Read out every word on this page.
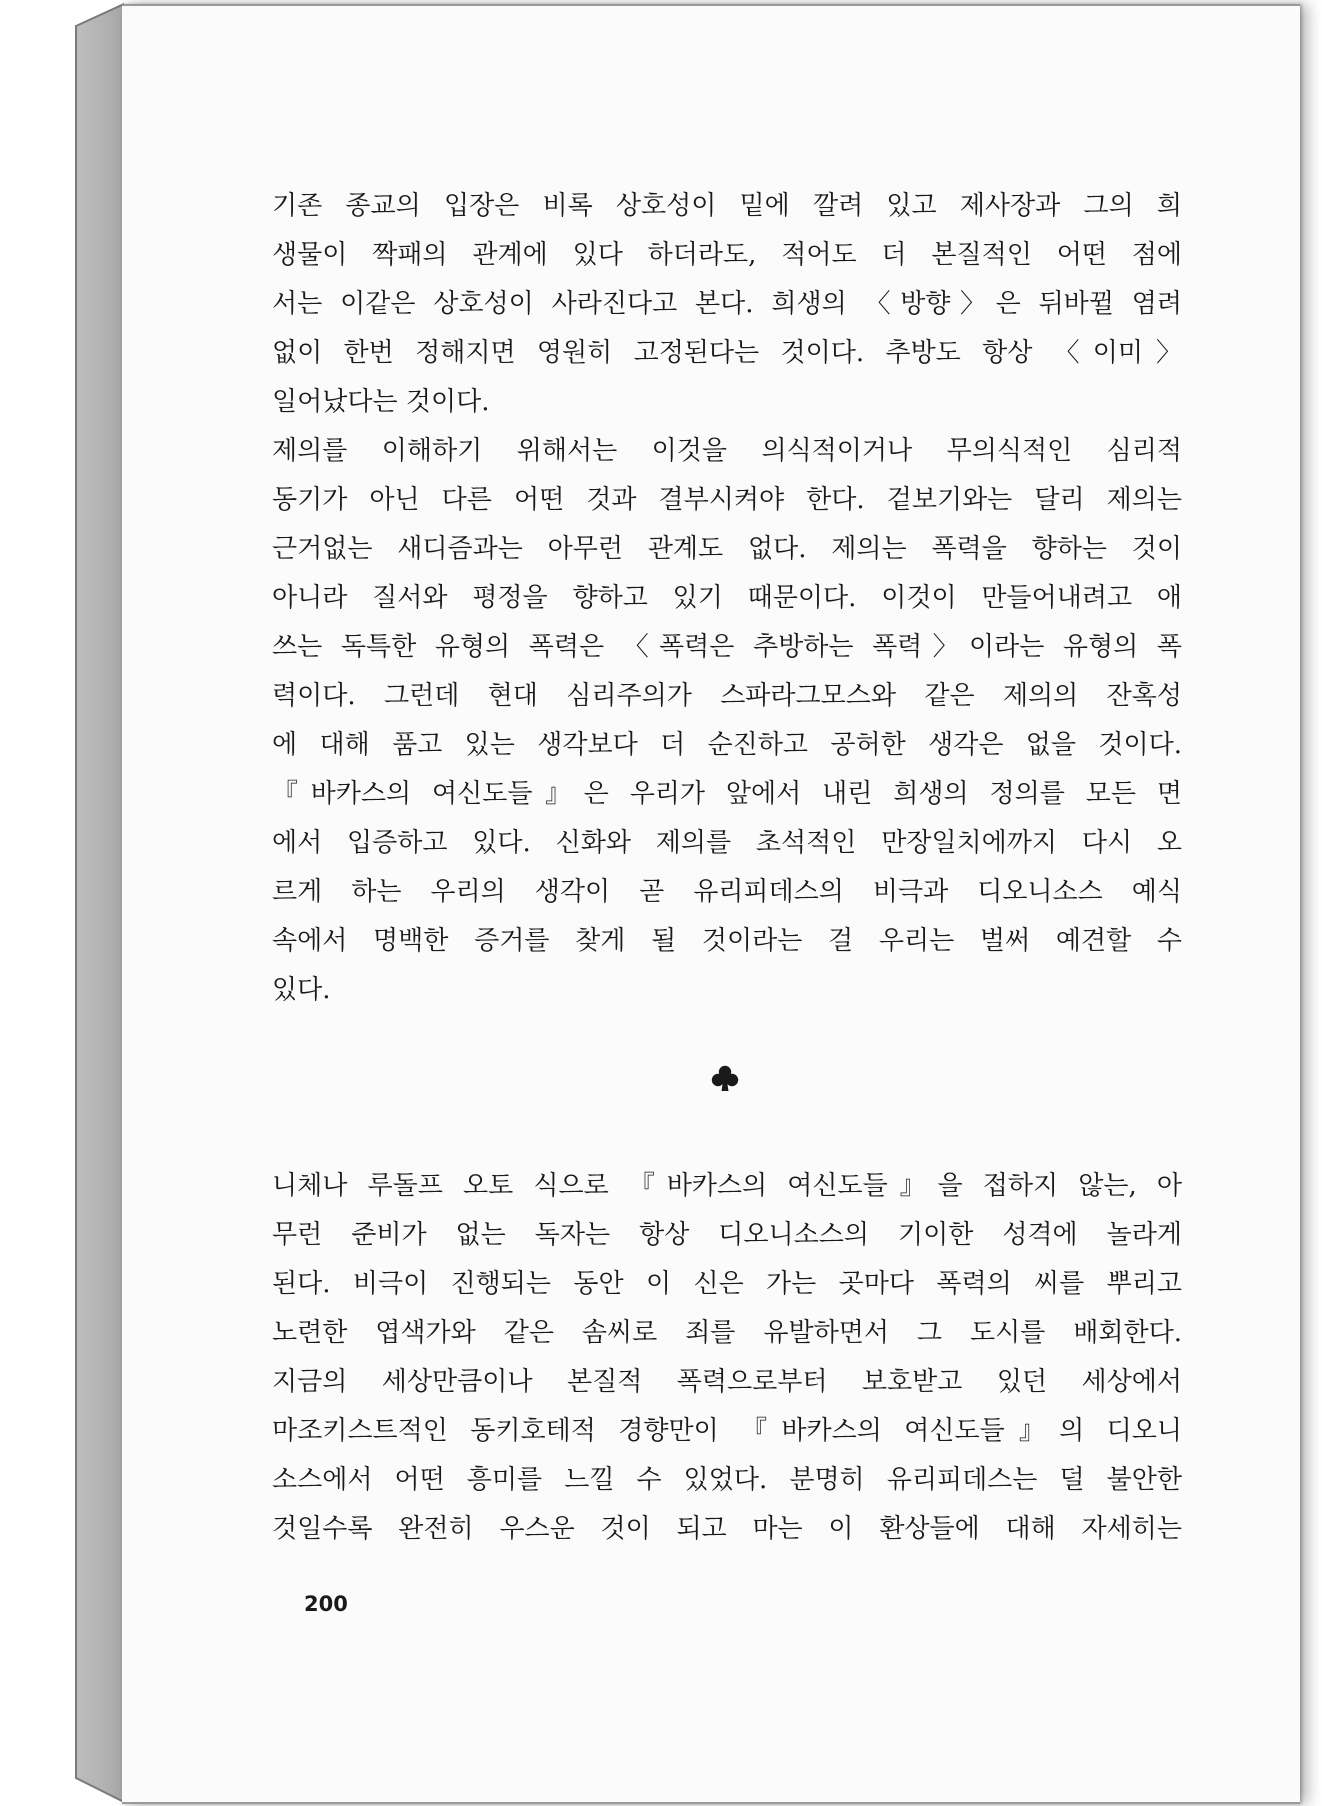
기존 종교의 입장은 비록 상호성이 밑에 깔려 있고 제사장과 그의 희
생물이 짝패의 관계에 있다 하더라도, 적어도 더 본질적인 어떤 점에
서는 이같은 상호성이 사라진다고 본다. 희생의 〈방향〉은 뒤바뀔 염려
없이 한번 정해지면 영원히 고정된다는 것이다. 추방도 항상 〈이미〉
일어났다는 것이다.
제의를 이해하기 위해서는 이것을 의식적이거나 무의식적인 심리적
동기가 아닌 다른 어떤 것과 결부시켜야 한다. 겉보기와는 달리 제의는
근거없는 새디즘과는 아무런 관계도 없다. 제의는 폭력을 향하는 것이
아니라 질서와 평정을 향하고 있기 때문이다. 이것이 만들어내려고 애
쓰는 독특한 유형의 폭력은 〈폭력은 추방하는 폭력〉이라는 유형의 폭
력이다. 그런데 현대 심리주의가 스파라그모스와 같은 제의의 잔혹성
에 대해 품고 있는 생각보다 더 순진하고 공허한 생각은 없을 것이다.
『바카스의 여신도들』은 우리가 앞에서 내린 희생의 정의를 모든 면
에서 입증하고 있다. 신화와 제의를 초석적인 만장일치에까지 다시 오
르게 하는 우리의 생각이 곧 유리피데스의 비극과 디오니소스 예식
속에서 명백한 증거를 찾게 될 것이라는 걸 우리는 벌써 예견할 수
있다.
니체나 루돌프 오토 식으로 『바카스의 여신도들』을 접하지 않는, 아
무런 준비가 없는 독자는 항상 디오니소스의 기이한 성격에 놀라게
된다. 비극이 진행되는 동안 이 신은 가는 곳마다 폭력의 씨를 뿌리고
노련한 엽색가와 같은 솜씨로 죄를 유발하면서 그 도시를 배회한다.
지금의 세상만큼이나 본질적 폭력으로부터 보호받고 있던 세상에서
마조키스트적인 동키호테적 경향만이 『바카스의 여신도들』의 디오니
소스에서 어떤 흥미를 느낄 수 있었다. 분명히 유리피데스는 덜 불안한
것일수록 완전히 우스운 것이 되고 마는 이 환상들에 대해 자세히는
200
